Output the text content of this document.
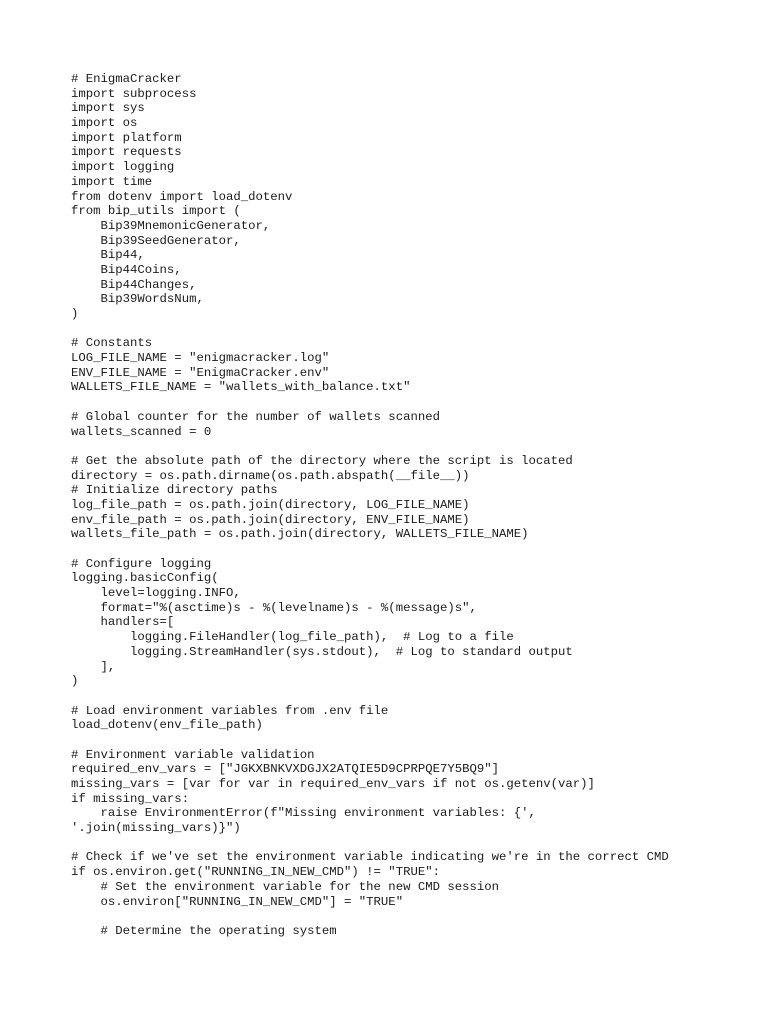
# EnigmaCracker
import subprocess
import sys
import os
import platform
import requests
import logging
import time
from dotenv import load_dotenv
from bip_utils import (
Bip39MnemonicGenerator,
Bip39SeedGenerator,
Bip44,
Bip44Coins,
Bip44Changes,
Bip39WordsNum,
)
# Constants
LOG_FILE_NAME = "enigmacracker.log"
ENV_FILE_NAME = "EnigmaCracker.env"
WALLETS_FILE_NAME = "wallets_with_balance.txt"
# Global counter for the number of wallets scanned
wallets_scanned = 0
# Get the absolute path of the directory where the script is located
directory = os.path.dirname(os.path.abspath(__file__))
# Initialize directory paths
log_file_path = os.path.join(directory, LOG_FILE_NAME)
env_file_path = os.path.join(directory, ENV_FILE_NAME)
wallets_file_path = os.path.join(directory, WALLETS_FILE_NAME)
# Configure logging
logging.basicConfig(
level=logging.INFO,
format="%(asctime)s - %(levelname)s - %(message)s",
handlers=[
logging.FileHandler(log_file_path),  # Log to a file
logging.StreamHandler(sys.stdout),  # Log to standard output
],
)
# Load environment variables from .env file
load_dotenv(env_file_path)
# Environment variable validation
required_env_vars = ["JGKXBNKVXDGJX2ATQIE5D9CPRPQE7Y5BQ9"]
missing_vars = [var for var in required_env_vars if not os.getenv(var)]
if missing_vars:
raise EnvironmentError(f"Missing environment variables: {',
'.join(missing_vars)}")
# Check if we've set the environment variable indicating we're in the correct CMD
if os.environ.get("RUNNING_IN_NEW_CMD") != "TRUE":
# Set the environment variable for the new CMD session
os.environ["RUNNING_IN_NEW_CMD"] = "TRUE"
# Determine the operating system
